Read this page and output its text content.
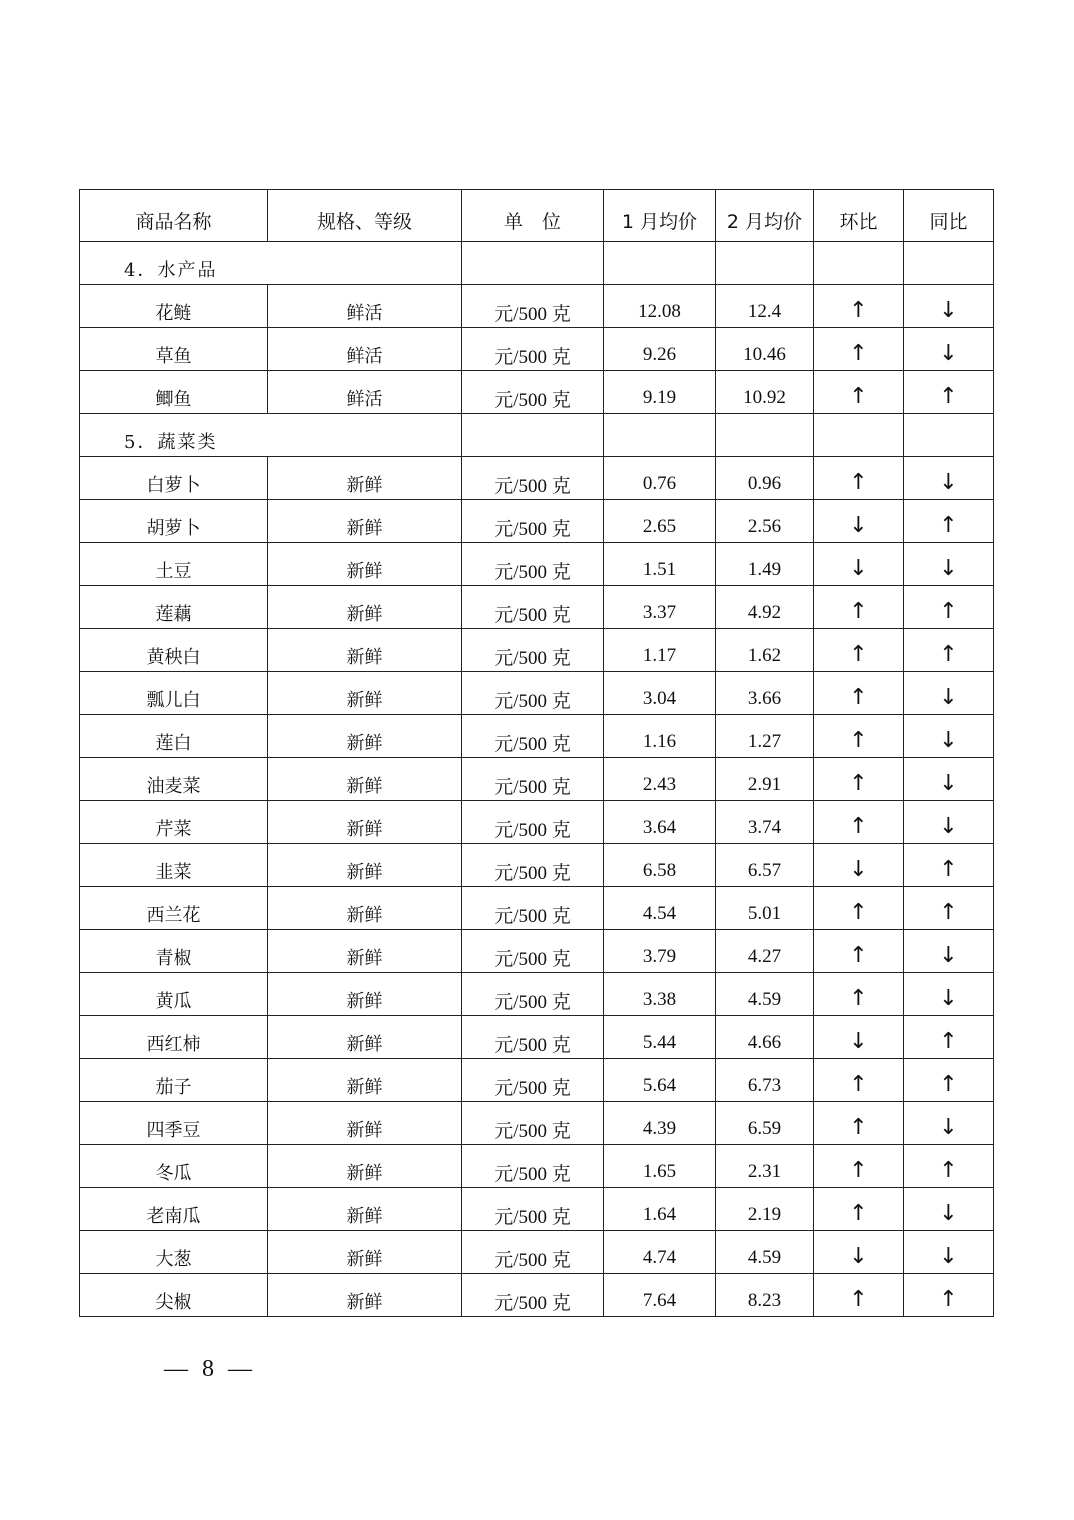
商品名称	规格、等级	单　位	1 月均价	2 月均价	环比	同比
4．水产品						
花鲢	鲜活	元/500 克	12.08	12.4	↑	↓
草鱼	鲜活	元/500 克	9.26	10.46	↑	↓
鲫鱼	鲜活	元/500 克	9.19	10.92	↑	↑
5．蔬菜类						
白萝卜	新鲜	元/500 克	0.76	0.96	↑	↓
胡萝卜	新鲜	元/500 克	2.65	2.56	↓	↑
土豆	新鲜	元/500 克	1.51	1.49	↓	↓
莲藕	新鲜	元/500 克	3.37	4.92	↑	↑
黄秧白	新鲜	元/500 克	1.17	1.62	↑	↑
瓢儿白	新鲜	元/500 克	3.04	3.66	↑	↓
莲白	新鲜	元/500 克	1.16	1.27	↑	↓
油麦菜	新鲜	元/500 克	2.43	2.91	↑	↓
芹菜	新鲜	元/500 克	3.64	3.74	↑	↓
韭菜	新鲜	元/500 克	6.58	6.57	↓	↑
西兰花	新鲜	元/500 克	4.54	5.01	↑	↑
青椒	新鲜	元/500 克	3.79	4.27	↑	↓
黄瓜	新鲜	元/500 克	3.38	4.59	↑	↓
西红柿	新鲜	元/500 克	5.44	4.66	↓	↑
茄子	新鲜	元/500 克	5.64	6.73	↑	↑
四季豆	新鲜	元/500 克	4.39	6.59	↑	↓
冬瓜	新鲜	元/500 克	1.65	2.31	↑	↑
老南瓜	新鲜	元/500 克	1.64	2.19	↑	↓
大葱	新鲜	元/500 克	4.74	4.59	↓	↓
尖椒	新鲜	元/500 克	7.64	8.23	↑	↑
— 8 —
